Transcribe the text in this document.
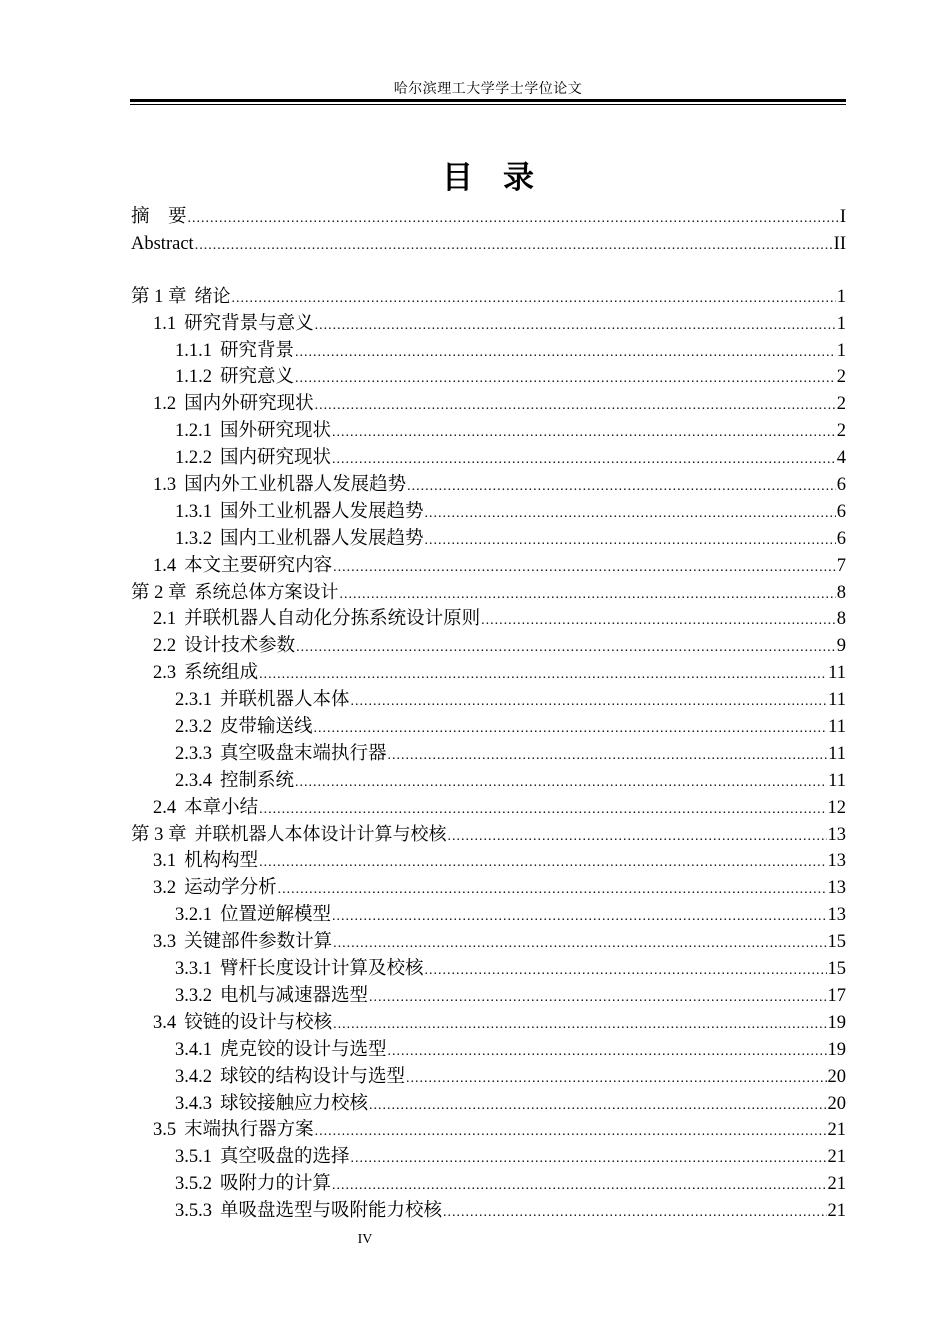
哈尔滨理工大学学士学位论文
目录
摘　要 .....	I
Abstract .....	II
第 1 章 绪论 .....	1
1.1 研究背景与意义 .....	1
1.1.1 研究背景 .....	1
1.1.2 研究意义 .....	2
1.2 国内外研究现状 .....	2
1.2.1 国外研究现状 .....	2
1.2.2 国内研究现状 .....	4
1.3 国内外工业机器人发展趋势 .....	6
1.3.1 国外工业机器人发展趋势 .....	6
1.3.2 国内工业机器人发展趋势 .....	6
1.4 本文主要研究内容 .....	7
第 2 章 系统总体方案设计 .....	8
2.1 并联机器人自动化分拣系统设计原则 .....	8
2.2 设计技术参数 .....	9
2.3 系统组成 .....	11
2.3.1 并联机器人本体 .....	11
2.3.2 皮带输送线 .....	11
2.3.3 真空吸盘末端执行器 .....	11
2.3.4 控制系统 .....	11
2.4 本章小结 .....	12
第 3 章 并联机器人本体设计计算与校核 .....	13
3.1 机构构型 .....	13
3.2 运动学分析 .....	13
3.2.1 位置逆解模型 .....	13
3.3 关键部件参数计算 .....	15
3.3.1 臂杆长度设计计算及校核 .....	15
3.3.2 电机与减速器选型 .....	17
3.4 铰链的设计与校核 .....	19
3.4.1 虎克铰的设计与选型 .....	19
3.4.2 球铰的结构设计与选型 .....	20
3.4.3 球铰接触应力校核 .....	20
3.5 末端执行器方案 .....	21
3.5.1 真空吸盘的选择 .....	21
3.5.2 吸附力的计算 .....	21
3.5.3 单吸盘选型与吸附能力校核 .....	21
IV
